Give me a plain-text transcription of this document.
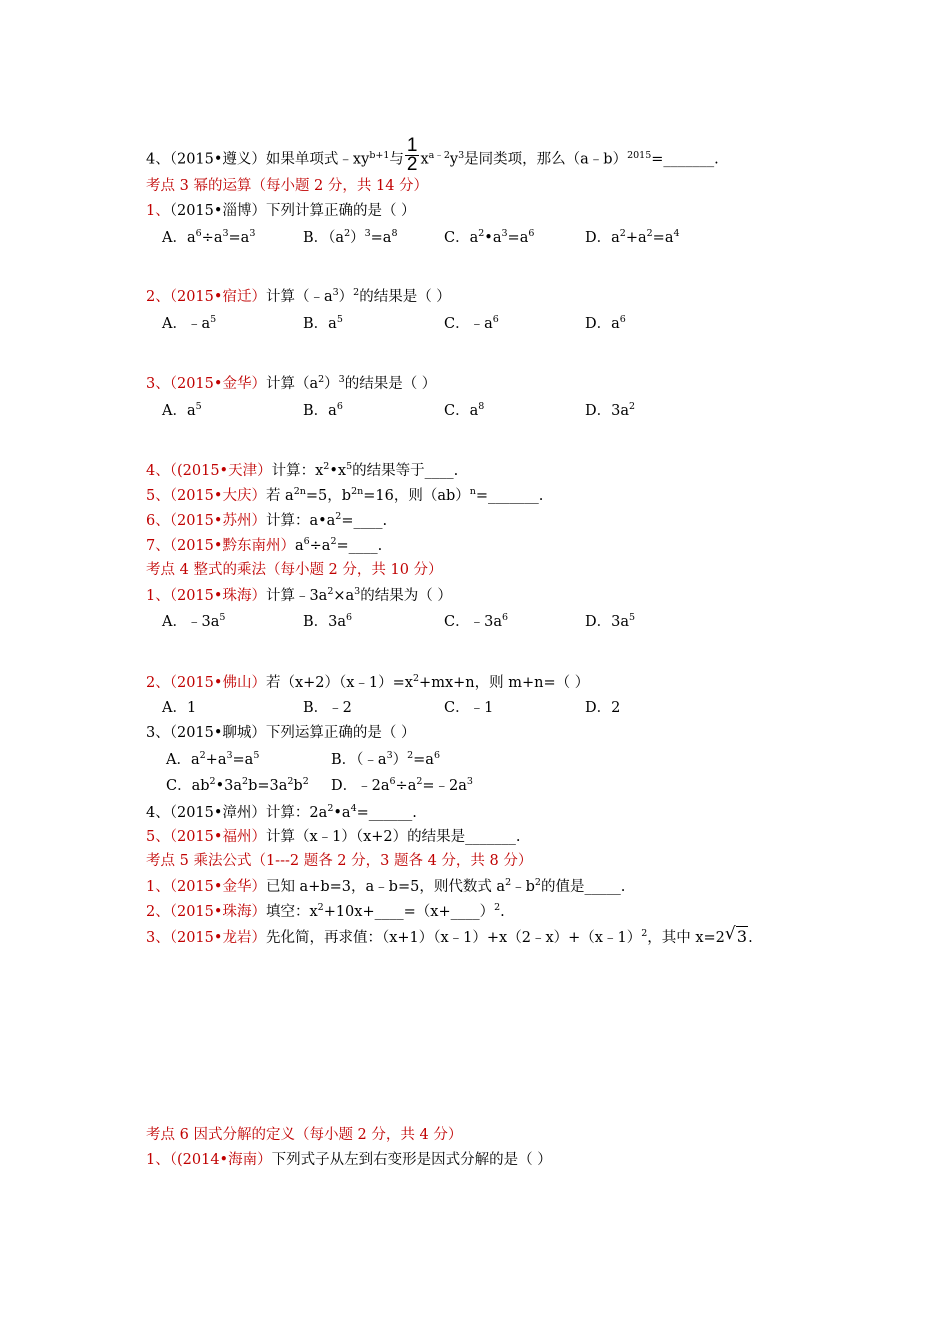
4、（2015•遵义）如果单项式$﹣xy^{b+1}$与 $\frac{1}{2} x^{a﹣2}y^3$是同类项，那么（a﹣b）$^{2015}$=_______.
考点 3 幂的运算（每小题 2 分，共 14 分）
1、（2015•淄博）下列计算正确的是（ ）
A．$a^6\div a^3=a^3$	B．$(a^2)^3=a^8$	C．$a^2•a^3=a^6$	D．$a^2+a^2=a^4$
2、（2015•宿迁）计算$(﹣a^3)^2$的结果是（ ）
A．$﹣a^5$	B．$a^5$	C．$﹣a^6$	D．$a^6$
3、（2015•金华）计算$(a^2)^3$的结果是（ ）
A．$a^5$	B．$a^6$	C．$a^8$	D．$3a^2$
4、（(2015•天津）计算：$x^2•x^5$的结果等于____.
5、（2015•大庆）若 $a^{2n}=5$，$b^{2n}=16$，则（ab）$^n$=_______.
6、（2015•苏州）计算：$a•a^2=\_\_\_\_$.
7、（2015•黔东南州）$a^6\div a^2=\_\_\_\_$.
考点 4 整式的乘法（每小题 2 分，共 10 分）
1、（2015•珠海）计算$﹣3a^2\times a^3$的结果为（ ）
A．$﹣3a^5$	B．$3a^6$	C．$﹣3a^6$	D．$3a^5$
2、（2015•佛山）若$(x+2)(x﹣1)=x^2+mx+n$，则 m+n=（ ）
A．1	B．﹣2	C．﹣1	D．2
3、（2015•聊城）下列运算正确的是（ ）
A．$a^2+a^3=a^5$	B．$(﹣a^3)^2=a^6$
C．$ab^2•3a^2b=3a^2b^2$ D．$﹣2a^6\div a^2=﹣2a^3$
4、（2015•漳州）计算：$2a^2•a^4=\_\_\_\_\_\_$.
5、（2015•福州）计算（x﹣1）（x+2）的结果是_______.
考点 5 乘法公式（1---2 题各 2 分，3 题各 4 分，共 8 分）
1、（2015•金华）已知 a+b=3，a﹣b=5，则代数式 $a^2﹣b^2$的值是_____.
2、（2015•珠海）填空：$x^2+10x+\_\_\_\_=(x+\_\_\_\_)^2$.
3、（2015•龙岩）先化简，再求值：（x+1）（x﹣1）+x（2﹣x）+（x﹣1）$^2$，其中 x=2 √ 3.
考点 6 因式分解的定义（每小题 2 分，共 4 分）
1、（(2014•海南）下列式子从左到右变形是因式分解的是（ ）
